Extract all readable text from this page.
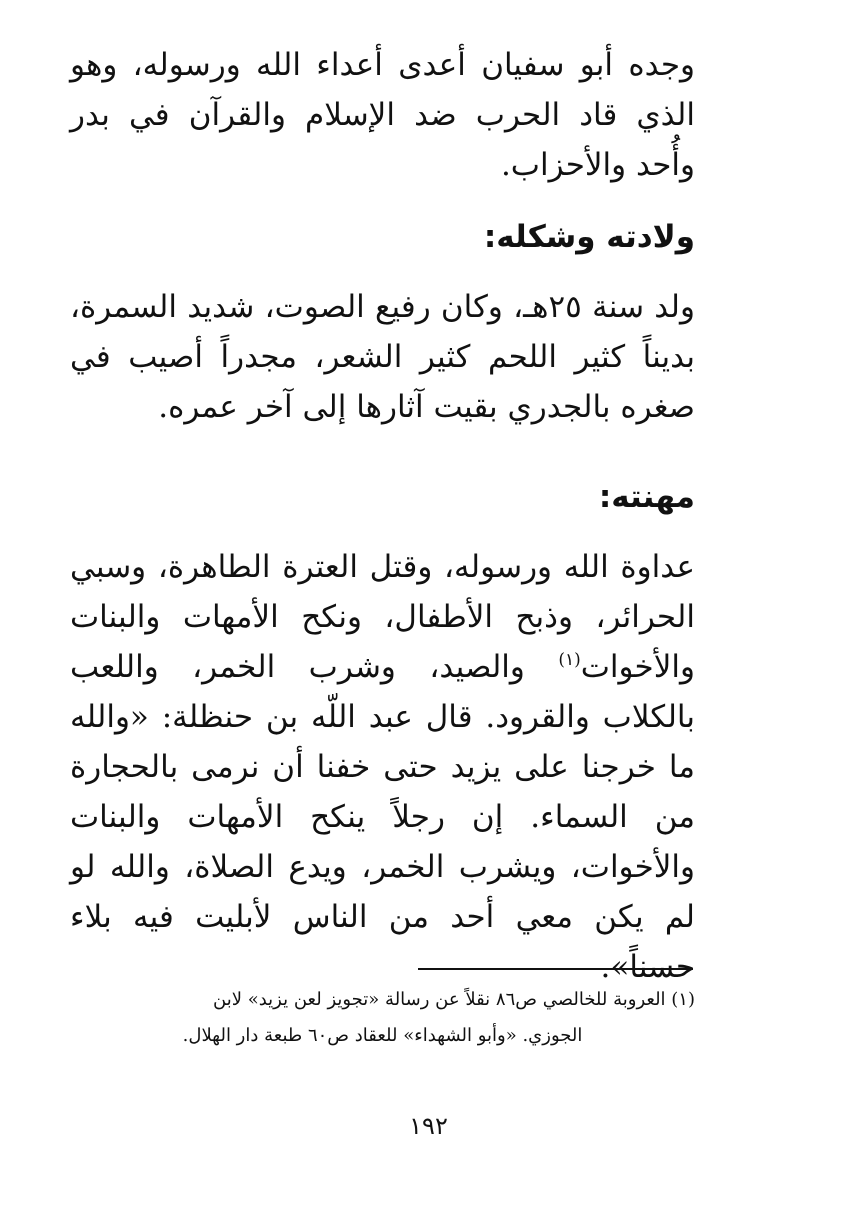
وجده أبو سفيان أعدى أعداء الله ورسوله، وهو الذي قاد الحرب ضد الإسلام والقرآن في بدر وأُحد والأحزاب.

ولادته وشكله:

ولد سنة ٢٥هـ، وكان رفيع الصوت، شديد السمرة، بديناً كثير اللحم كثير الشعر، مجدراً أصيب في صغره بالجدري بقيت آثارها إلى آخر عمره.

مهنته:

عداوة الله ورسوله، وقتل العترة الطاهرة، وسبي الحرائر، وذبح الأطفال، ونكح الأمهات والبنات والأخوات$^{(١)}$ والصيد، وشرب الخمر، واللعب بالكلاب والقرود. قال عبد اللّه بن حنظلة: «والله ما خرجنا على يزيد حتى خفنا أن نرمى بالحجارة من السماء. إن رجلاً ينكح الأمهات والبنات والأخوات، ويشرب الخمر، ويدع الصلاة، والله لو لم يكن معي أحد من الناس لأبليت فيه بلاء حسناً».

(١) العروبة للخالصي ص٨٦ نقلاً عن رسالة «تجويز لعن يزيد» لابن
الجوزي. «وأبو الشهداء» للعقاد ص٦٠ طبعة دار الهلال.
١٩٢
